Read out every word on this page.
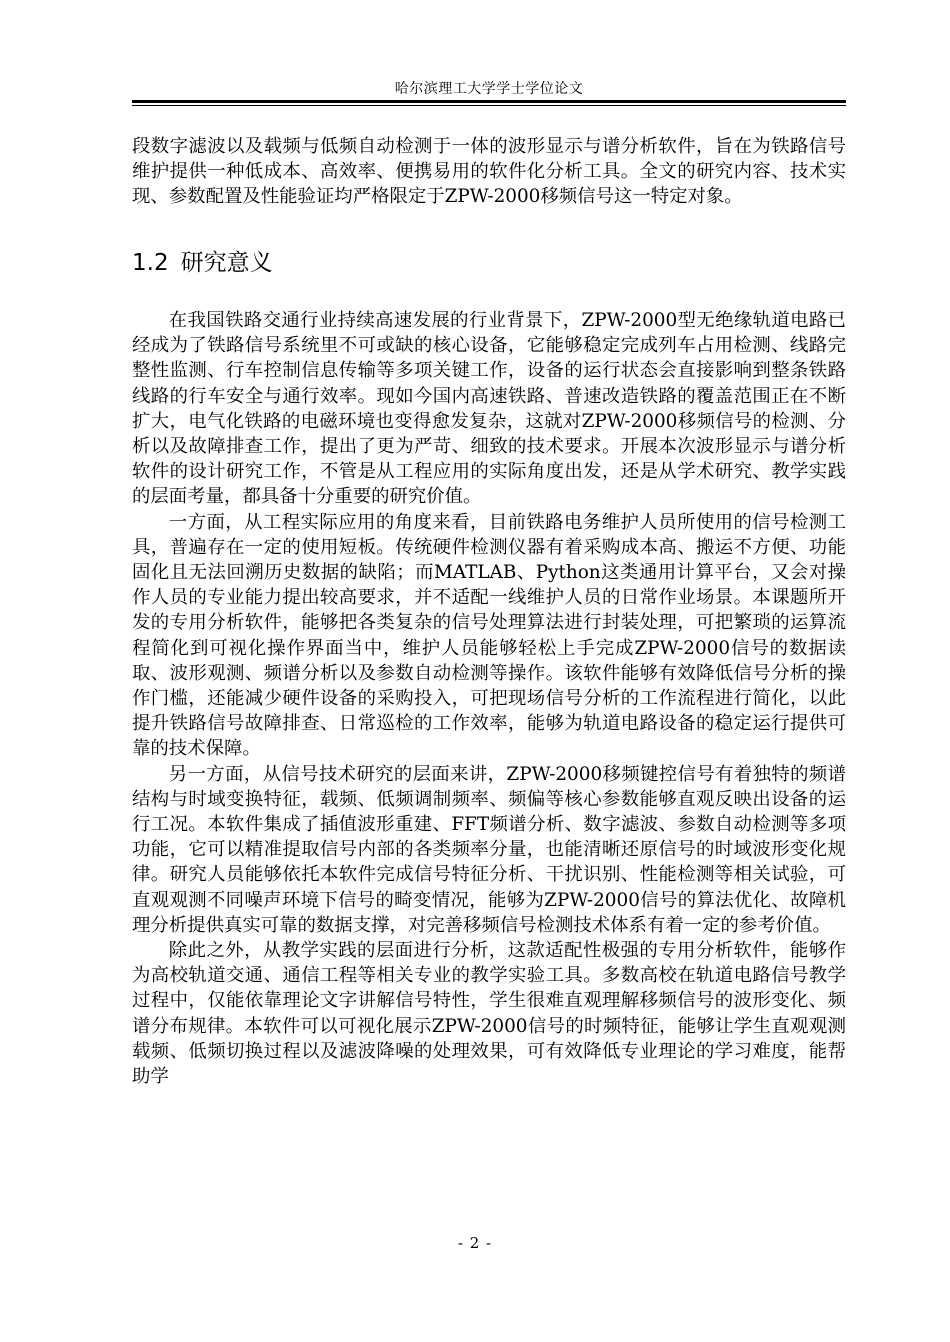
哈尔滨理工大学学士学位论文

段数字滤波以及载频与低频自动检测于一体的波形显示与谱分析软件，旨在为铁路信号维护提供一种低成本、高效率、便携易用的软件化分析工具。全文的研究内容、技术实现、参数配置及性能验证均严格限定于ZPW-2000移频信号这一特定对象。

1.2 研究意义

在我国铁路交通行业持续高速发展的行业背景下，ZPW-2000型无绝缘轨道电路已经成为了铁路信号系统里不可或缺的核心设备，它能够稳定完成列车占用检测、线路完整性监测、行车控制信息传输等多项关键工作，设备的运行状态会直接影响到整条铁路线路的行车安全与通行效率。现如今国内高速铁路、普速改造铁路的覆盖范围正在不断扩大，电气化铁路的电磁环境也变得愈发复杂，这就对ZPW-2000移频信号的检测、分析以及故障排查工作，提出了更为严苛、细致的技术要求。开展本次波形显示与谱分析软件的设计研究工作，不管是从工程应用的实际角度出发，还是从学术研究、教学实践的层面考量，都具备十分重要的研究价值。

一方面，从工程实际应用的角度来看，目前铁路电务维护人员所使用的信号检测工具，普遍存在一定的使用短板。传统硬件检测仪器有着采购成本高、搬运不方便、功能固化且无法回溯历史数据的缺陷；而MATLAB、Python这类通用计算平台，又会对操作人员的专业能力提出较高要求，并不适配一线维护人员的日常作业场景。本课题所开发的专用分析软件，能够把各类复杂的信号处理算法进行封装处理，可把繁琐的运算流程简化到可视化操作界面当中，维护人员能够轻松上手完成ZPW-2000信号的数据读取、波形观测、频谱分析以及参数自动检测等操作。该软件能够有效降低信号分析的操作门槛，还能减少硬件设备的采购投入，可把现场信号分析的工作流程进行简化，以此提升铁路信号故障排查、日常巡检的工作效率，能够为轨道电路设备的稳定运行提供可靠的技术保障。

另一方面，从信号技术研究的层面来讲，ZPW-2000移频键控信号有着独特的频谱结构与时域变换特征，载频、低频调制频率、频偏等核心参数能够直观反映出设备的运行工况。本软件集成了插值波形重建、FFT频谱分析、数字滤波、参数自动检测等多项功能，它可以精准提取信号内部的各类频率分量，也能清晰还原信号的时域波形变化规律。研究人员能够依托本软件完成信号特征分析、干扰识别、性能检测等相关试验，可直观观测不同噪声环境下信号的畸变情况，能够为ZPW-2000信号的算法优化、故障机理分析提供真实可靠的数据支撑，对完善移频信号检测技术体系有着一定的参考价值。

除此之外，从教学实践的层面进行分析，这款适配性极强的专用分析软件，能够作为高校轨道交通、通信工程等相关专业的教学实验工具。多数高校在轨道电路信号教学过程中，仅能依靠理论文字讲解信号特性，学生很难直观理解移频信号的波形变化、频谱分布规律。本软件可以可视化展示ZPW-2000信号的时频特征，能够让学生直观观测载频、低频切换过程以及滤波降噪的处理效果，可有效降低专业理论的学习难度，能帮助学

- 2 -
